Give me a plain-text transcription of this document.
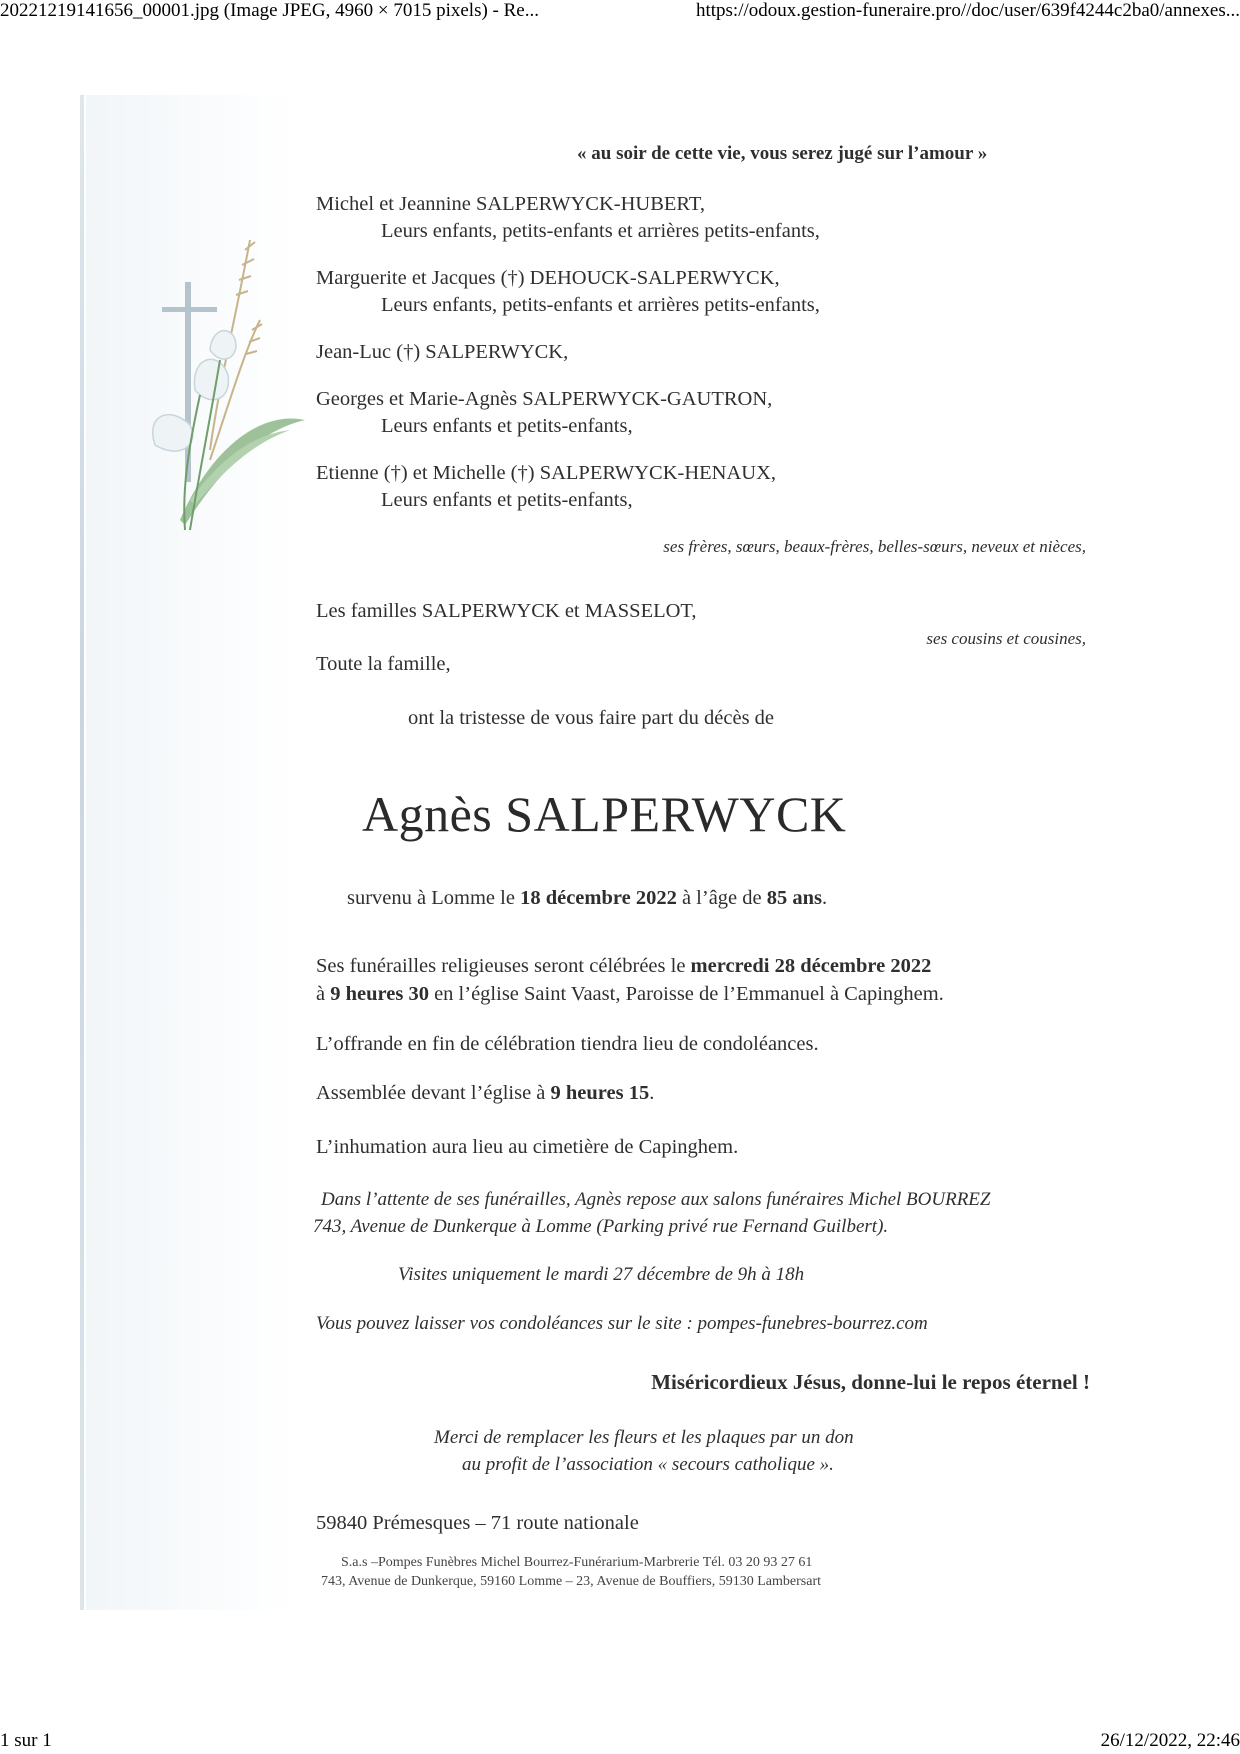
20221219141656_00001.jpg (Image JPEG, 4960 × 7015 pixels) - Re...	https://odoux.gestion-funeraire.pro//doc/user/639f4244c2ba0/annexes...
« au soir de cette vie, vous serez jugé sur l’amour »
Michel et Jeannine SALPERWYCK-HUBERT,
Leurs enfants, petits-enfants et arrières petits-enfants,
Marguerite et Jacques (†) DEHOUCK-SALPERWYCK,
Leurs enfants, petits-enfants et arrières petits-enfants,
Jean-Luc (†) SALPERWYCK,
Georges et Marie-Agnès SALPERWYCK-GAUTRON,
Leurs enfants et petits-enfants,
Etienne (†) et Michelle (†) SALPERWYCK-HENAUX,
Leurs enfants et petits-enfants,
ses frères, sœurs, beaux-frères, belles-sœurs, neveux et nièces,
Les familles SALPERWYCK et MASSELOT,
ses cousins et cousines,
Toute la famille,
ont la tristesse de vous faire part du décès de
Agnès SALPERWYCK
survenu à Lomme le 18 décembre 2022 à l’âge de 85 ans.
Ses funérailles religieuses seront célébrées le mercredi 28 décembre 2022
à 9 heures 30 en l’église Saint Vaast, Paroisse de l’Emmanuel à Capinghem.
L’offrande en fin de célébration tiendra lieu de condoléances.
Assemblée devant l’église à 9 heures 15.
L’inhumation aura lieu au cimetière de Capinghem.
Dans l’attente de ses funérailles, Agnès repose aux salons funéraires Michel BOURREZ
743, Avenue de Dunkerque à Lomme (Parking privé rue Fernand Guilbert).
Visites uniquement le mardi 27 décembre de 9h à 18h
Vous pouvez laisser vos condoléances sur le site : pompes-funebres-bourrez.com
Miséricordieux Jésus, donne-lui le repos éternel !
Merci de remplacer les fleurs et les plaques par un don
au profit de l’association « secours catholique ».
59840 Prémesques – 71 route nationale
S.a.s –Pompes Funèbres Michel Bourrez-Funérarium-Marbrerie Tél. 03 20 93 27 61
743, Avenue de Dunkerque, 59160 Lomme – 23, Avenue de Bouffiers, 59130 Lambersart
1 sur 1	26/12/2022, 22:46
